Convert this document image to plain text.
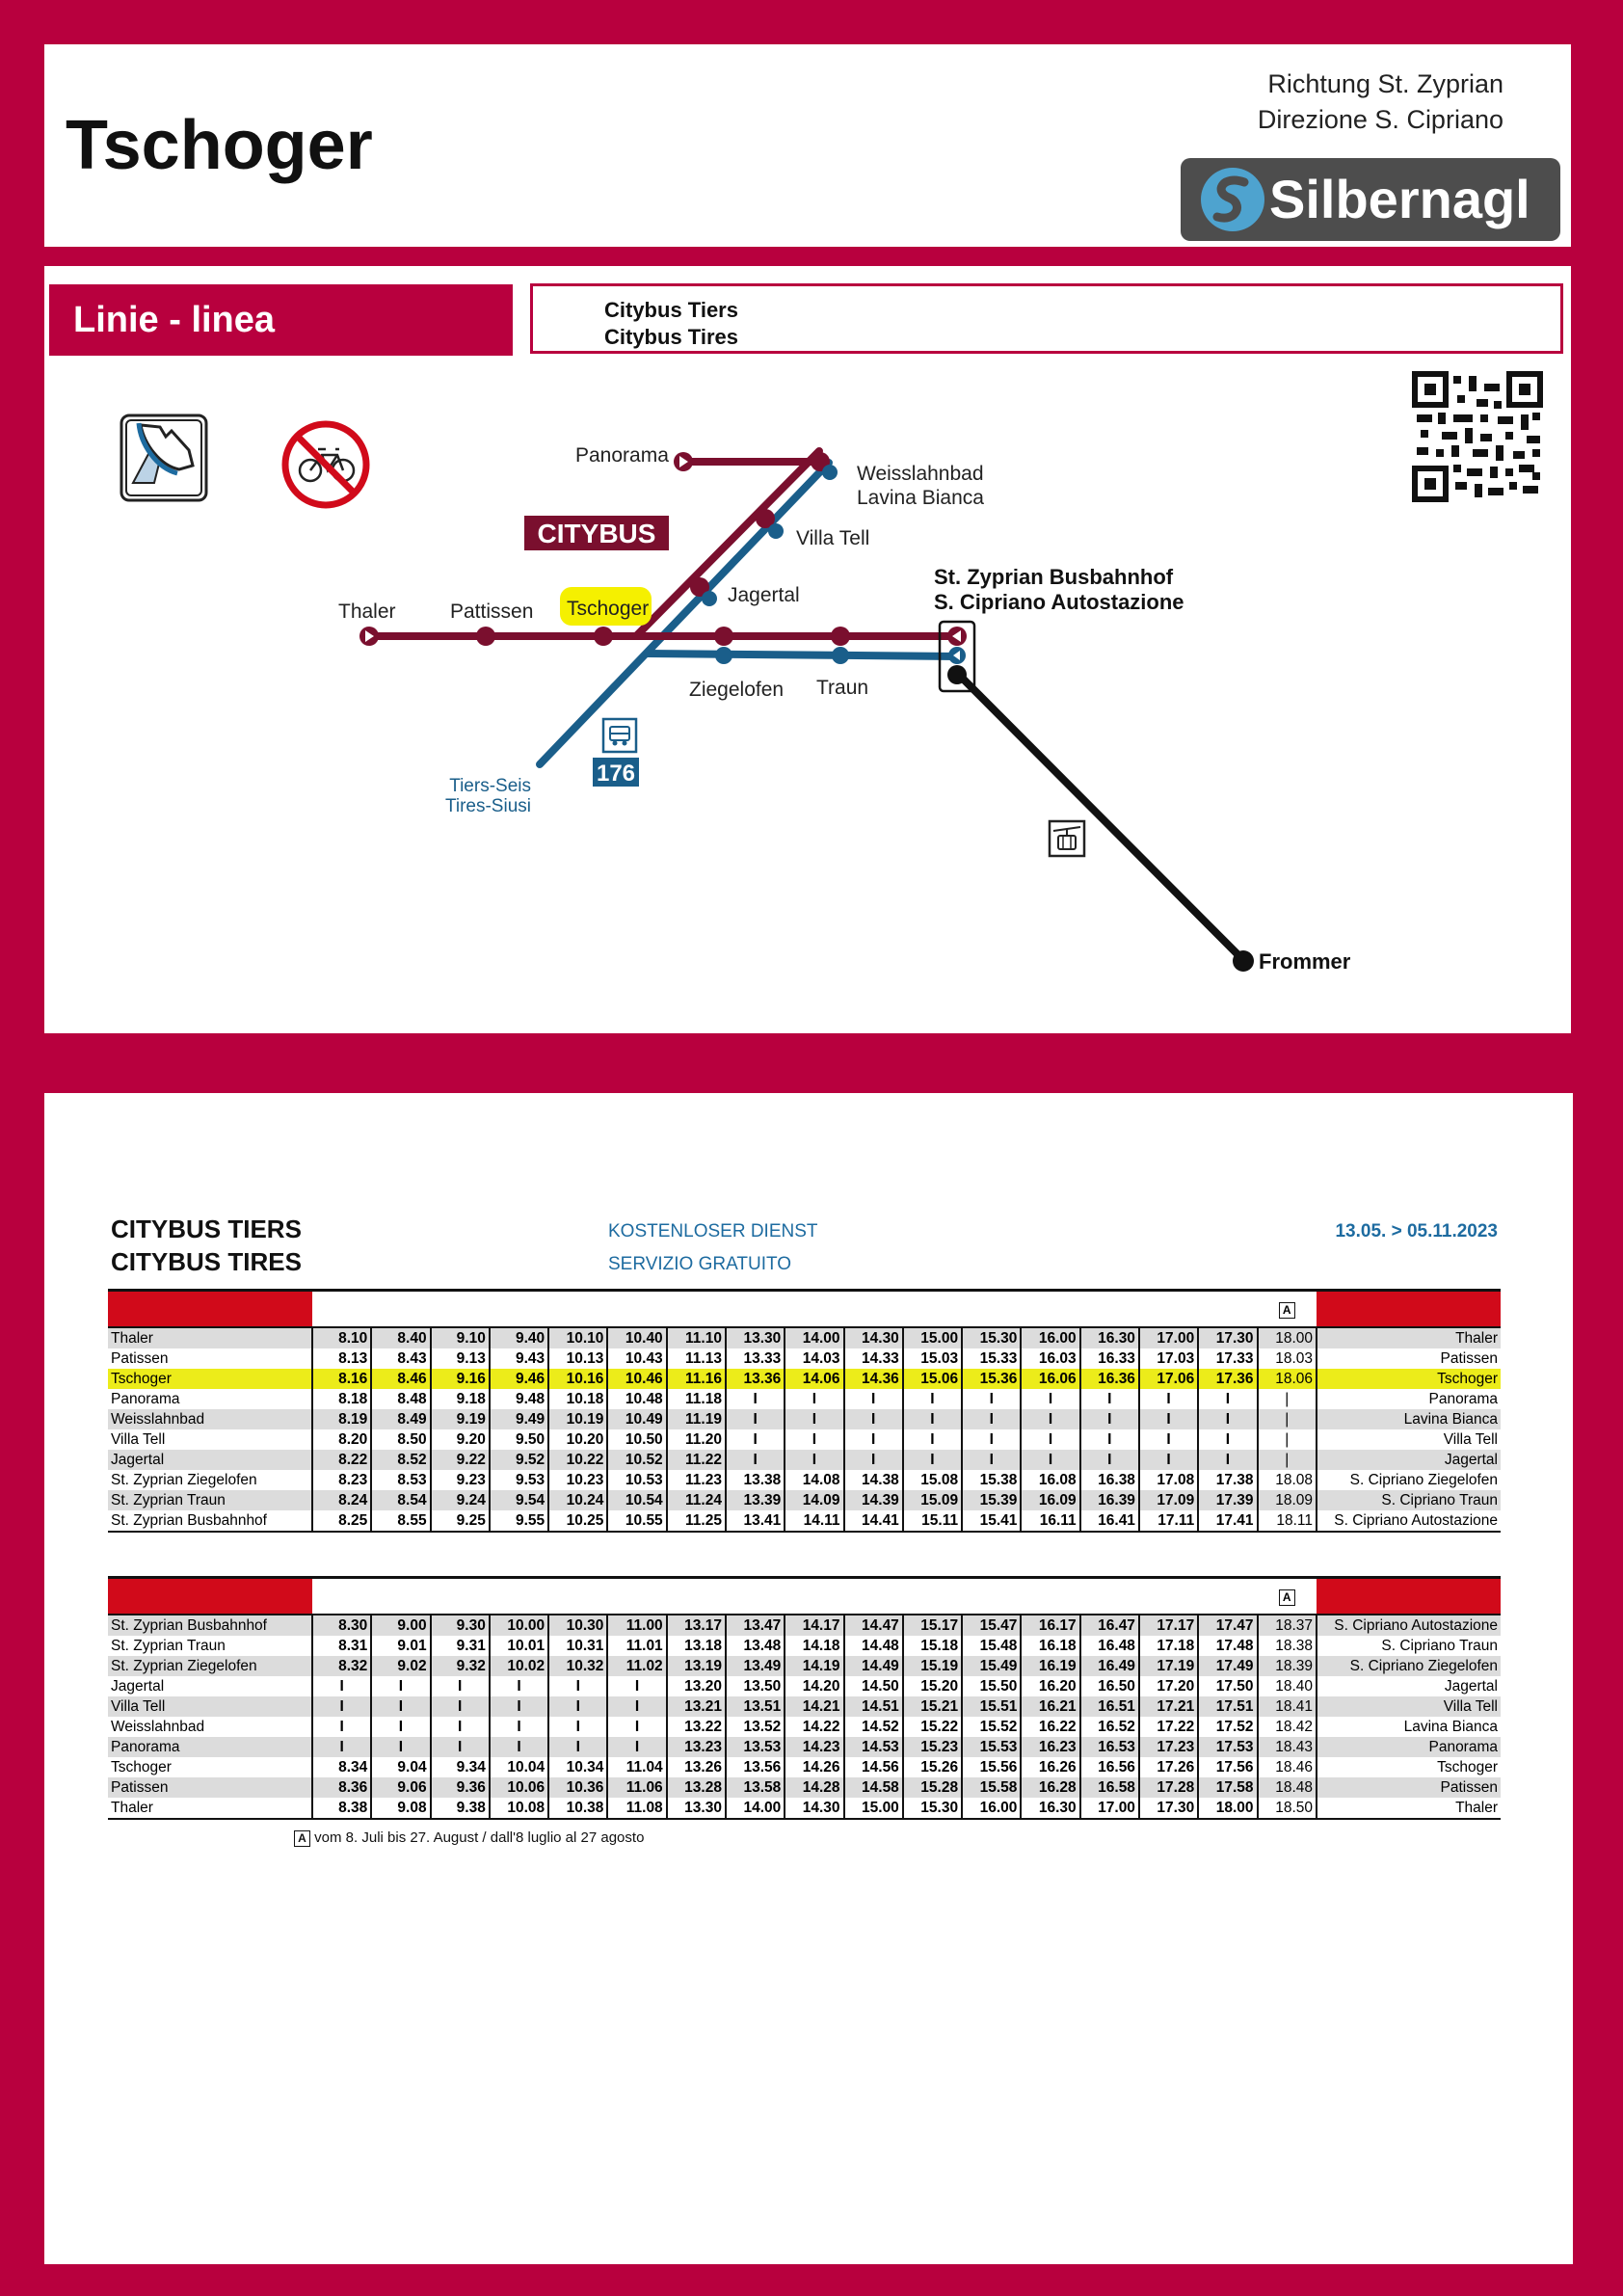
Tschoger
Richtung St. Zyprian
Direzione S. Cipriano
Silbernagl
Linie - linea	Citybus Tiers
Citybus Tires
CITYBUS
Thaler	Pattissen Tschoger
Panorama
Weisslahnbad
Lavina Bianca
Villa Tell
Jagertal
Ziegelofen Traun
St. Zyprian Busbahnhof
S. Cipriano Autostazione
Frommer
Tiers-Seis
Tires-Siusi
176
CITYBUS TIERS
CITYBUS TIRES
KOSTENLOSER DIENST
SERVIZIO GRATUITO
13.05. > 05.11.2023
																	A	
Thaler	8.10	8.40	9.10	9.40	10.10	10.40	11.10	13.30	14.00	14.30	15.00	15.30	16.00	16.30	17.00	17.30	18.00	Thaler
Patissen	8.13	8.43	9.13	9.43	10.13	10.43	11.13	13.33	14.03	14.33	15.03	15.33	16.03	16.33	17.03	17.33	18.03	Patissen
Tschoger	8.16	8.46	9.16	9.46	10.16	10.46	11.16	13.36	14.06	14.36	15.06	15.36	16.06	16.36	17.06	17.36	18.06	Tschoger
Panorama	8.18	8.48	9.18	9.48	10.18	10.48	11.18	I	I	I	I	I	I	I	I	I	|	Panorama
Weisslahnbad	8.19	8.49	9.19	9.49	10.19	10.49	11.19	I	I	I	I	I	I	I	I	I	|	Lavina Bianca
Villa Tell	8.20	8.50	9.20	9.50	10.20	10.50	11.20	I	I	I	I	I	I	I	I	I	|	Villa Tell
Jagertal	8.22	8.52	9.22	9.52	10.22	10.52	11.22	I	I	I	I	I	I	I	I	I	|	Jagertal
St. Zyprian Ziegelofen	8.23	8.53	9.23	9.53	10.23	10.53	11.23	13.38	14.08	14.38	15.08	15.38	16.08	16.38	17.08	17.38	18.08	S. Cipriano Ziegelofen
St. Zyprian Traun	8.24	8.54	9.24	9.54	10.24	10.54	11.24	13.39	14.09	14.39	15.09	15.39	16.09	16.39	17.09	17.39	18.09	S. Cipriano Traun
St. Zyprian Busbahnhof	8.25	8.55	9.25	9.55	10.25	10.55	11.25	13.41	14.11	14.41	15.11	15.41	16.11	16.41	17.11	17.41	18.11	S. Cipriano Autostazione
																	A	
St. Zyprian Busbahnhof	8.30	9.00	9.30	10.00	10.30	11.00	13.17	13.47	14.17	14.47	15.17	15.47	16.17	16.47	17.17	17.47	18.37	S. Cipriano Autostazione
St. Zyprian Traun	8.31	9.01	9.31	10.01	10.31	11.01	13.18	13.48	14.18	14.48	15.18	15.48	16.18	16.48	17.18	17.48	18.38	S. Cipriano Traun
St. Zyprian Ziegelofen	8.32	9.02	9.32	10.02	10.32	11.02	13.19	13.49	14.19	14.49	15.19	15.49	16.19	16.49	17.19	17.49	18.39	S. Cipriano Ziegelofen
Jagertal	I	I	I	I	I	I	13.20	13.50	14.20	14.50	15.20	15.50	16.20	16.50	17.20	17.50	18.40	Jagertal
Villa Tell	I	I	I	I	I	I	13.21	13.51	14.21	14.51	15.21	15.51	16.21	16.51	17.21	17.51	18.41	Villa Tell
Weisslahnbad	I	I	I	I	I	I	13.22	13.52	14.22	14.52	15.22	15.52	16.22	16.52	17.22	17.52	18.42	Lavina Bianca
Panorama	I	I	I	I	I	I	13.23	13.53	14.23	14.53	15.23	15.53	16.23	16.53	17.23	17.53	18.43	Panorama
Tschoger	8.34	9.04	9.34	10.04	10.34	11.04	13.26	13.56	14.26	14.56	15.26	15.56	16.26	16.56	17.26	17.56	18.46	Tschoger
Patissen	8.36	9.06	9.36	10.06	10.36	11.06	13.28	13.58	14.28	14.58	15.28	15.58	16.28	16.58	17.28	17.58	18.48	Patissen
Thaler	8.38	9.08	9.38	10.08	10.38	11.08	13.30	14.00	14.30	15.00	15.30	16.00	16.30	17.00	17.30	18.00	18.50	Thaler
A vom 8. Juli bis 27. August / dall'8 luglio al 27 agosto
